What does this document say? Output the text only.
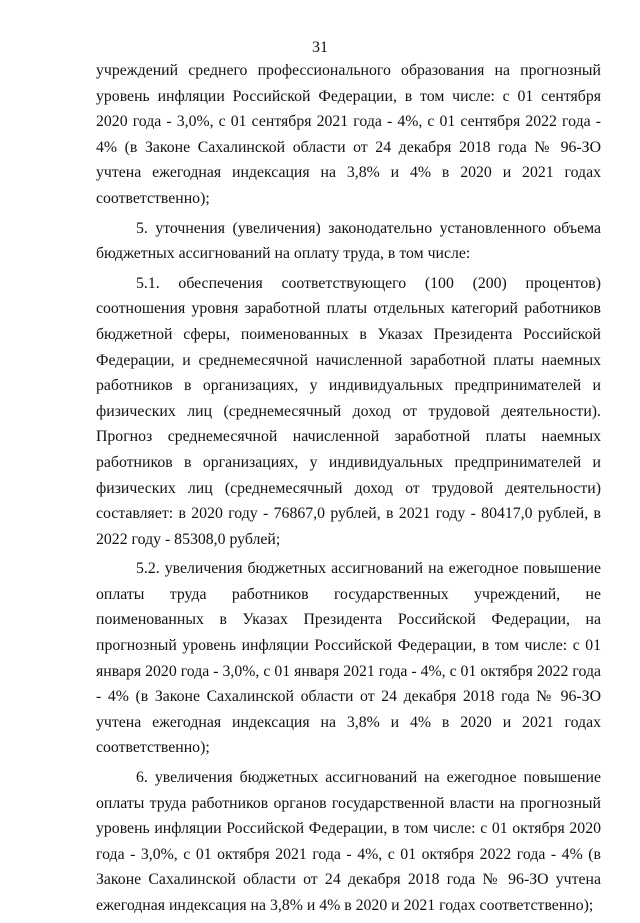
31

учреждений среднего профессионального образования на прогнозный уровень инфляции Российской Федерации, в том числе: с 01 сентября 2020 года - 3,0%, с 01 сентября 2021 года - 4%, с 01 сентября 2022 года - 4% (в Законе Сахалинской области от 24 декабря 2018 года № 96-ЗО учтена ежегодная индексация на 3,8% и 4% в 2020 и 2021 годах соответственно);

5. уточнения (увеличения) законодательно установленного объема бюджетных ассигнований на оплату труда, в том числе:

5.1. обеспечения соответствующего (100 (200) процентов) соотношения уровня заработной платы отдельных категорий работников бюджетной сферы, поименованных в Указах Президента Российской Федерации, и среднемесячной начисленной заработной платы наемных работников в организациях, у индивидуальных предпринимателей и физических лиц (среднемесячный доход от трудовой деятельности). Прогноз среднемесячной начисленной заработной платы наемных работников в организациях, у индивидуальных предпринимателей и физических лиц (среднемесячный доход от трудовой деятельности) составляет: в 2020 году - 76867,0 рублей, в 2021 году - 80417,0 рублей, в 2022 году - 85308,0 рублей;

5.2. увеличения бюджетных ассигнований на ежегодное повышение оплаты труда работников государственных учреждений, не поименованных в Указах Президента Российской Федерации, на прогнозный уровень инфляции Российской Федерации, в том числе: с 01 января 2020 года - 3,0%, с 01 января 2021 года - 4%, с 01 октября 2022 года - 4% (в Законе Сахалинской области от 24 декабря 2018 года № 96-ЗО учтена ежегодная индексация на 3,8% и 4% в 2020 и 2021 годах соответственно);

6. увеличения бюджетных ассигнований на ежегодное повышение оплаты труда работников органов государственной власти на прогнозный уровень инфляции Российской Федерации, в том числе: с 01 октября 2020 года - 3,0%, с 01 октября 2021 года - 4%, с 01 октября 2022 года - 4% (в Законе Сахалинской области от 24 декабря 2018 года № 96-ЗО учтена ежегодная индексация на 3,8% и 4% в 2020 и 2021 годах соответственно);
